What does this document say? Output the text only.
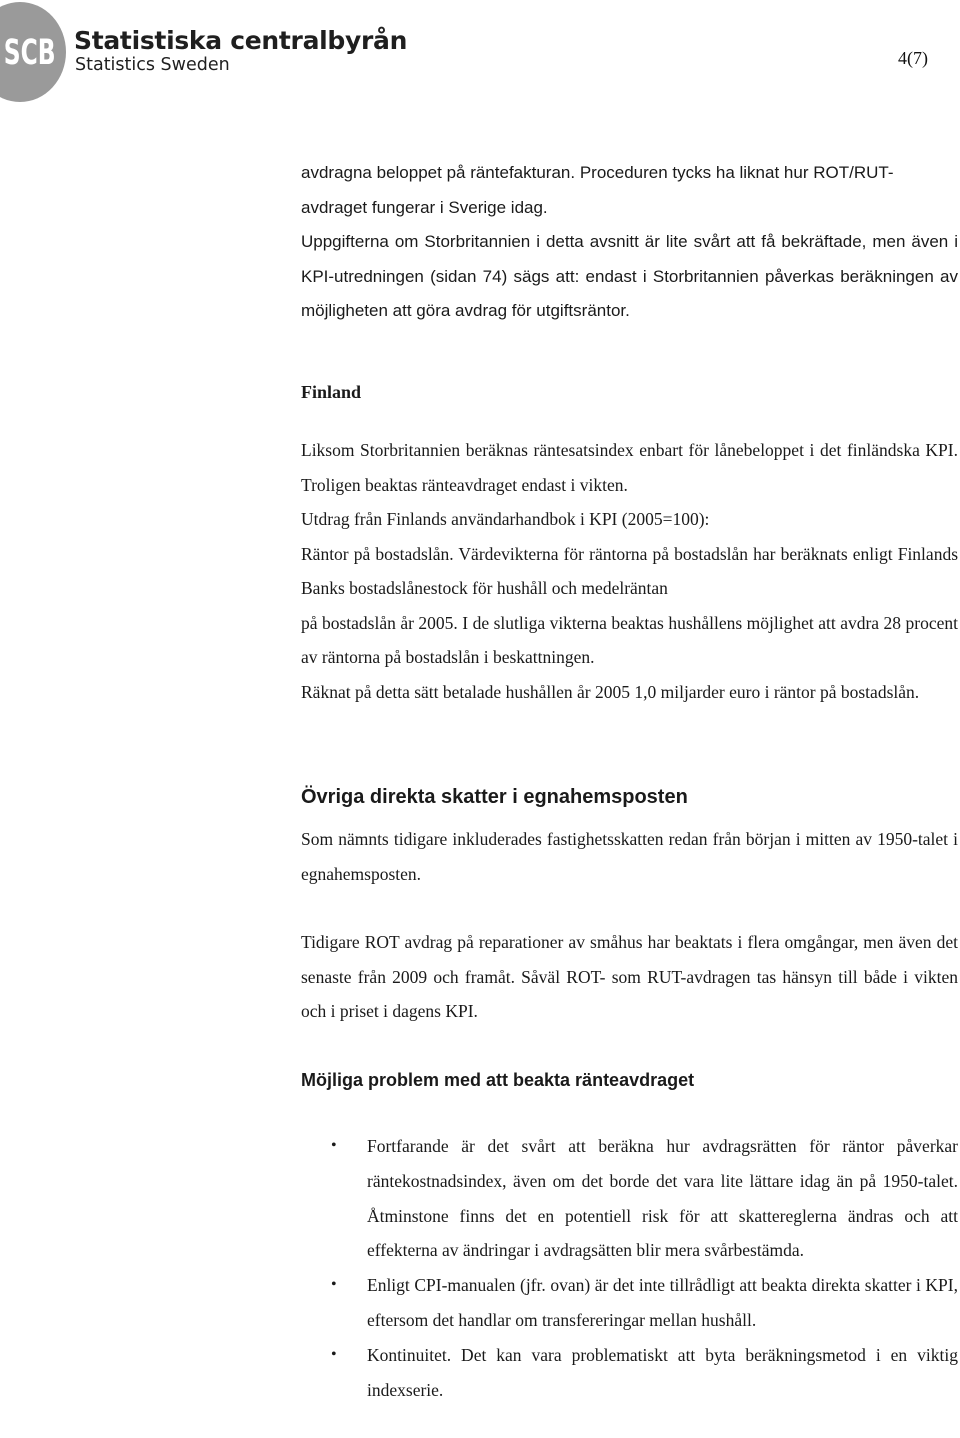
SCB Statistiska centralbyrån
Statistics Sweden	4(7)

avdragna beloppet på räntefakturan. Proceduren tycks ha liknat hur ROT/RUT-avdraget fungerar i Sverige idag.

Uppgifterna om Storbritannien i detta avsnitt är lite svårt att få bekräftade, men även i KPI-utredningen (sidan 74) sägs att: endast i Storbritannien påverkas beräkningen av möjligheten att göra avdrag för utgiftsräntor.

Finland

Liksom Storbritannien beräknas räntesatsindex enbart för lånebeloppet i det finländska KPI. Troligen beaktas ränteavdraget endast i vikten.

Utdrag från Finlands användarhandbok i KPI (2005=100):

Räntor på bostadslån. Värdevikterna för räntorna på bostadslån har beräknats enligt Finlands Banks bostadslånestock för hushåll och medelräntan

på bostadslån år 2005. I de slutliga vikterna beaktas hushållens möjlighet att avdra 28 procent av räntorna på bostadslån i beskattningen.

Räknat på detta sätt betalade hushållen år 2005 1,0 miljarder euro i räntor på bostadslån.

Övriga direkta skatter i egnahemsposten

Som nämnts tidigare inkluderades fastighetsskatten redan från början i mitten av 1950-talet i egnahemsposten.

Tidigare ROT avdrag på reparationer av småhus har beaktats i flera omgångar, men även det senaste från 2009 och framåt. Såväl ROT- som RUT-avdragen tas hänsyn till både i vikten och i priset i dagens KPI.

Möjliga problem med att beakta ränteavdraget
• Fortfarande är det svårt att beräkna hur avdragsrätten för räntor påverkar räntekostnadsindex, även om det borde det vara lite lättare idag än på 1950-talet. Åtminstone finns det en potentiell risk för att skattereglerna ändras och att effekterna av ändringar i avdragsätten blir mera svårbestämda.
• Enligt CPI-manualen (jfr. ovan) är det inte tillrådligt att beakta direkta skatter i KPI, eftersom det handlar om transfereringar mellan hushåll.
• Kontinuitet. Det kan vara problematiskt att byta beräkningsmetod i en viktig indexserie.
